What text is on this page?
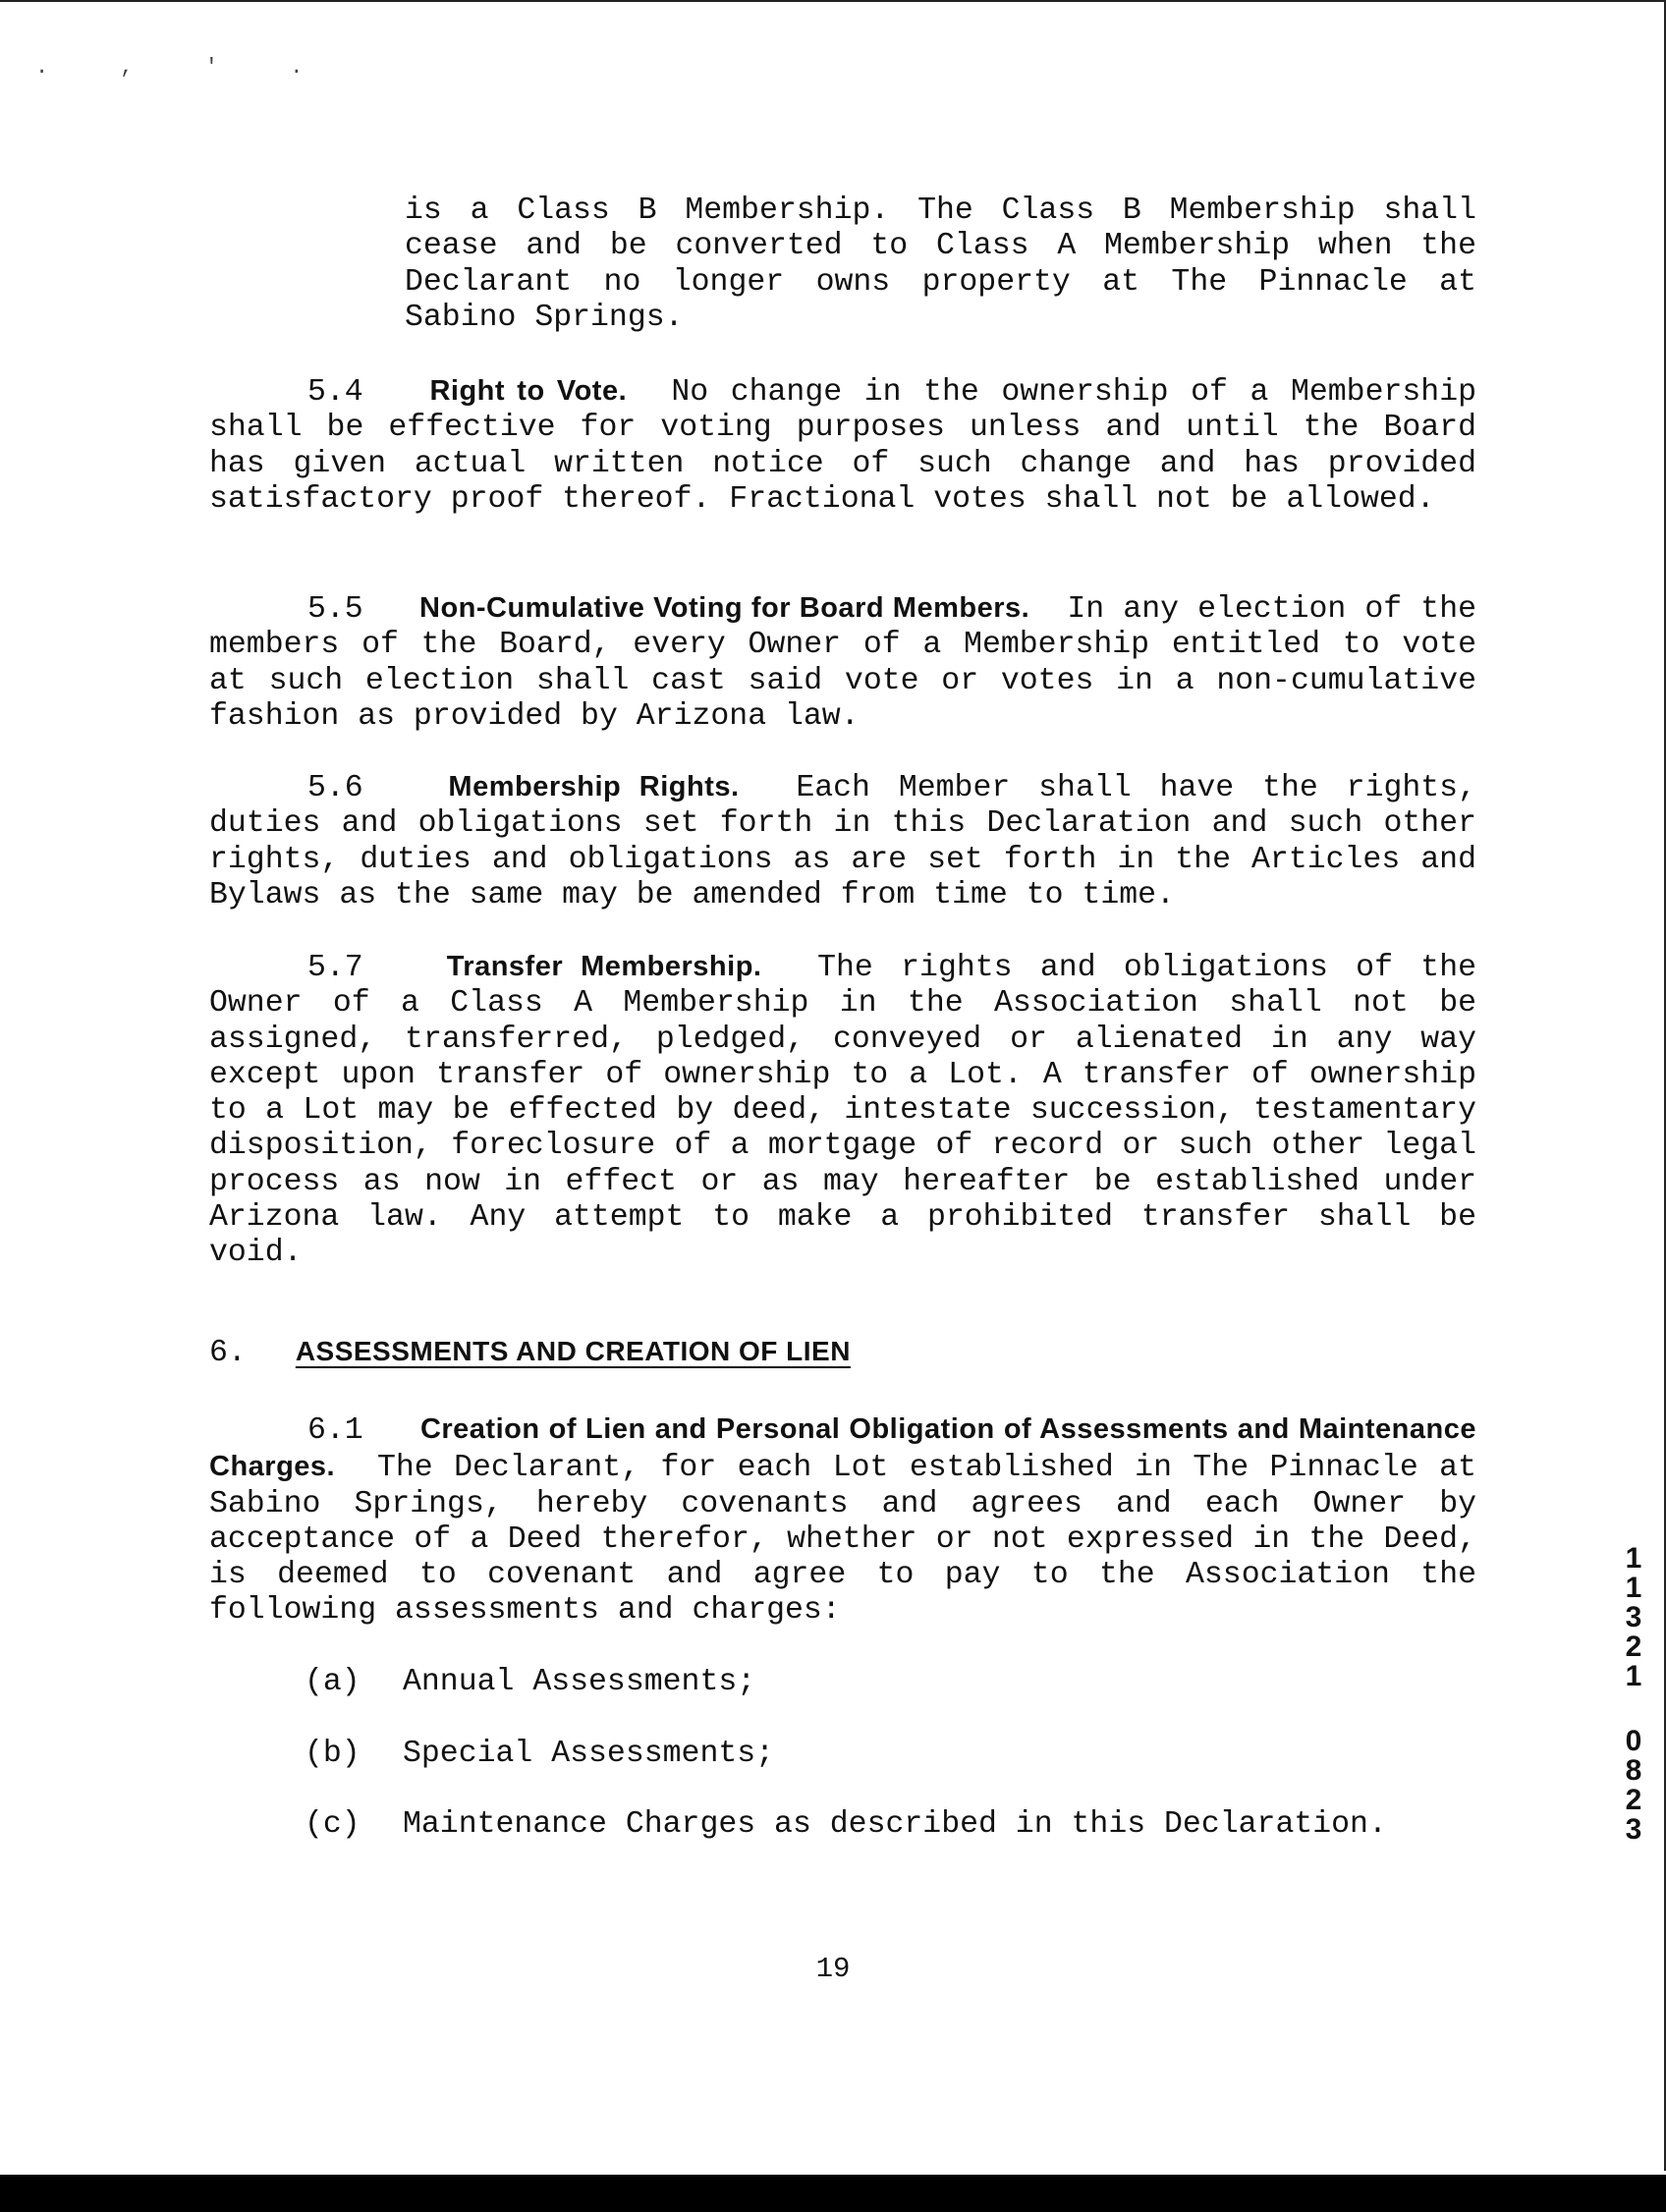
. , ' .
is a Class B Membership. The Class B Membership shall cease and be converted to Class A Membership when the Declarant no longer owns property at The Pinnacle at Sabino Springs.
5.4 Right to Vote. No change in the ownership of a Membership shall be effective for voting purposes unless and until the Board has given actual written notice of such change and has provided satisfactory proof thereof. Fractional votes shall not be allowed.
5.5 Non-Cumulative Voting for Board Members. In any election of the members of the Board, every Owner of a Membership entitled to vote at such election shall cast said vote or votes in a non-cumulative fashion as provided by Arizona law.
5.6	Membership Rights. Each Member shall have the rights, duties and obligations set forth in this Declaration and such other rights, duties and obligations as are set forth in the Articles and Bylaws as the same may be amended from time to time.
5.7	Transfer Membership. The rights and obligations of the Owner of a Class A Membership in the Association shall not be assigned, transferred, pledged, conveyed or alienated in any way except upon transfer of ownership to a Lot. A transfer of ownership to a Lot may be effected by deed, intestate succession, testamentary disposition, foreclosure of a mortgage of record or such other legal process as now in effect or as may hereafter be established under Arizona law. Any attempt to make a prohibited transfer shall be void.
6. ASSESSMENTS AND CREATION OF LIEN
6.1 Creation of Lien and Personal Obligation of Assessments and Maintenance Charges. The Declarant, for each Lot established in The Pinnacle at Sabino Springs, hereby covenants and agrees and each Owner by acceptance of a Deed therefor, whether or not expressed in the Deed, is deemed to covenant and agree to pay to the Association the following assessments and charges:
(a) Annual Assessments;
(b) Special Assessments;
(c) Maintenance Charges as described in this Declaration.
19
1
1
3
2
1
0
8
2
3
